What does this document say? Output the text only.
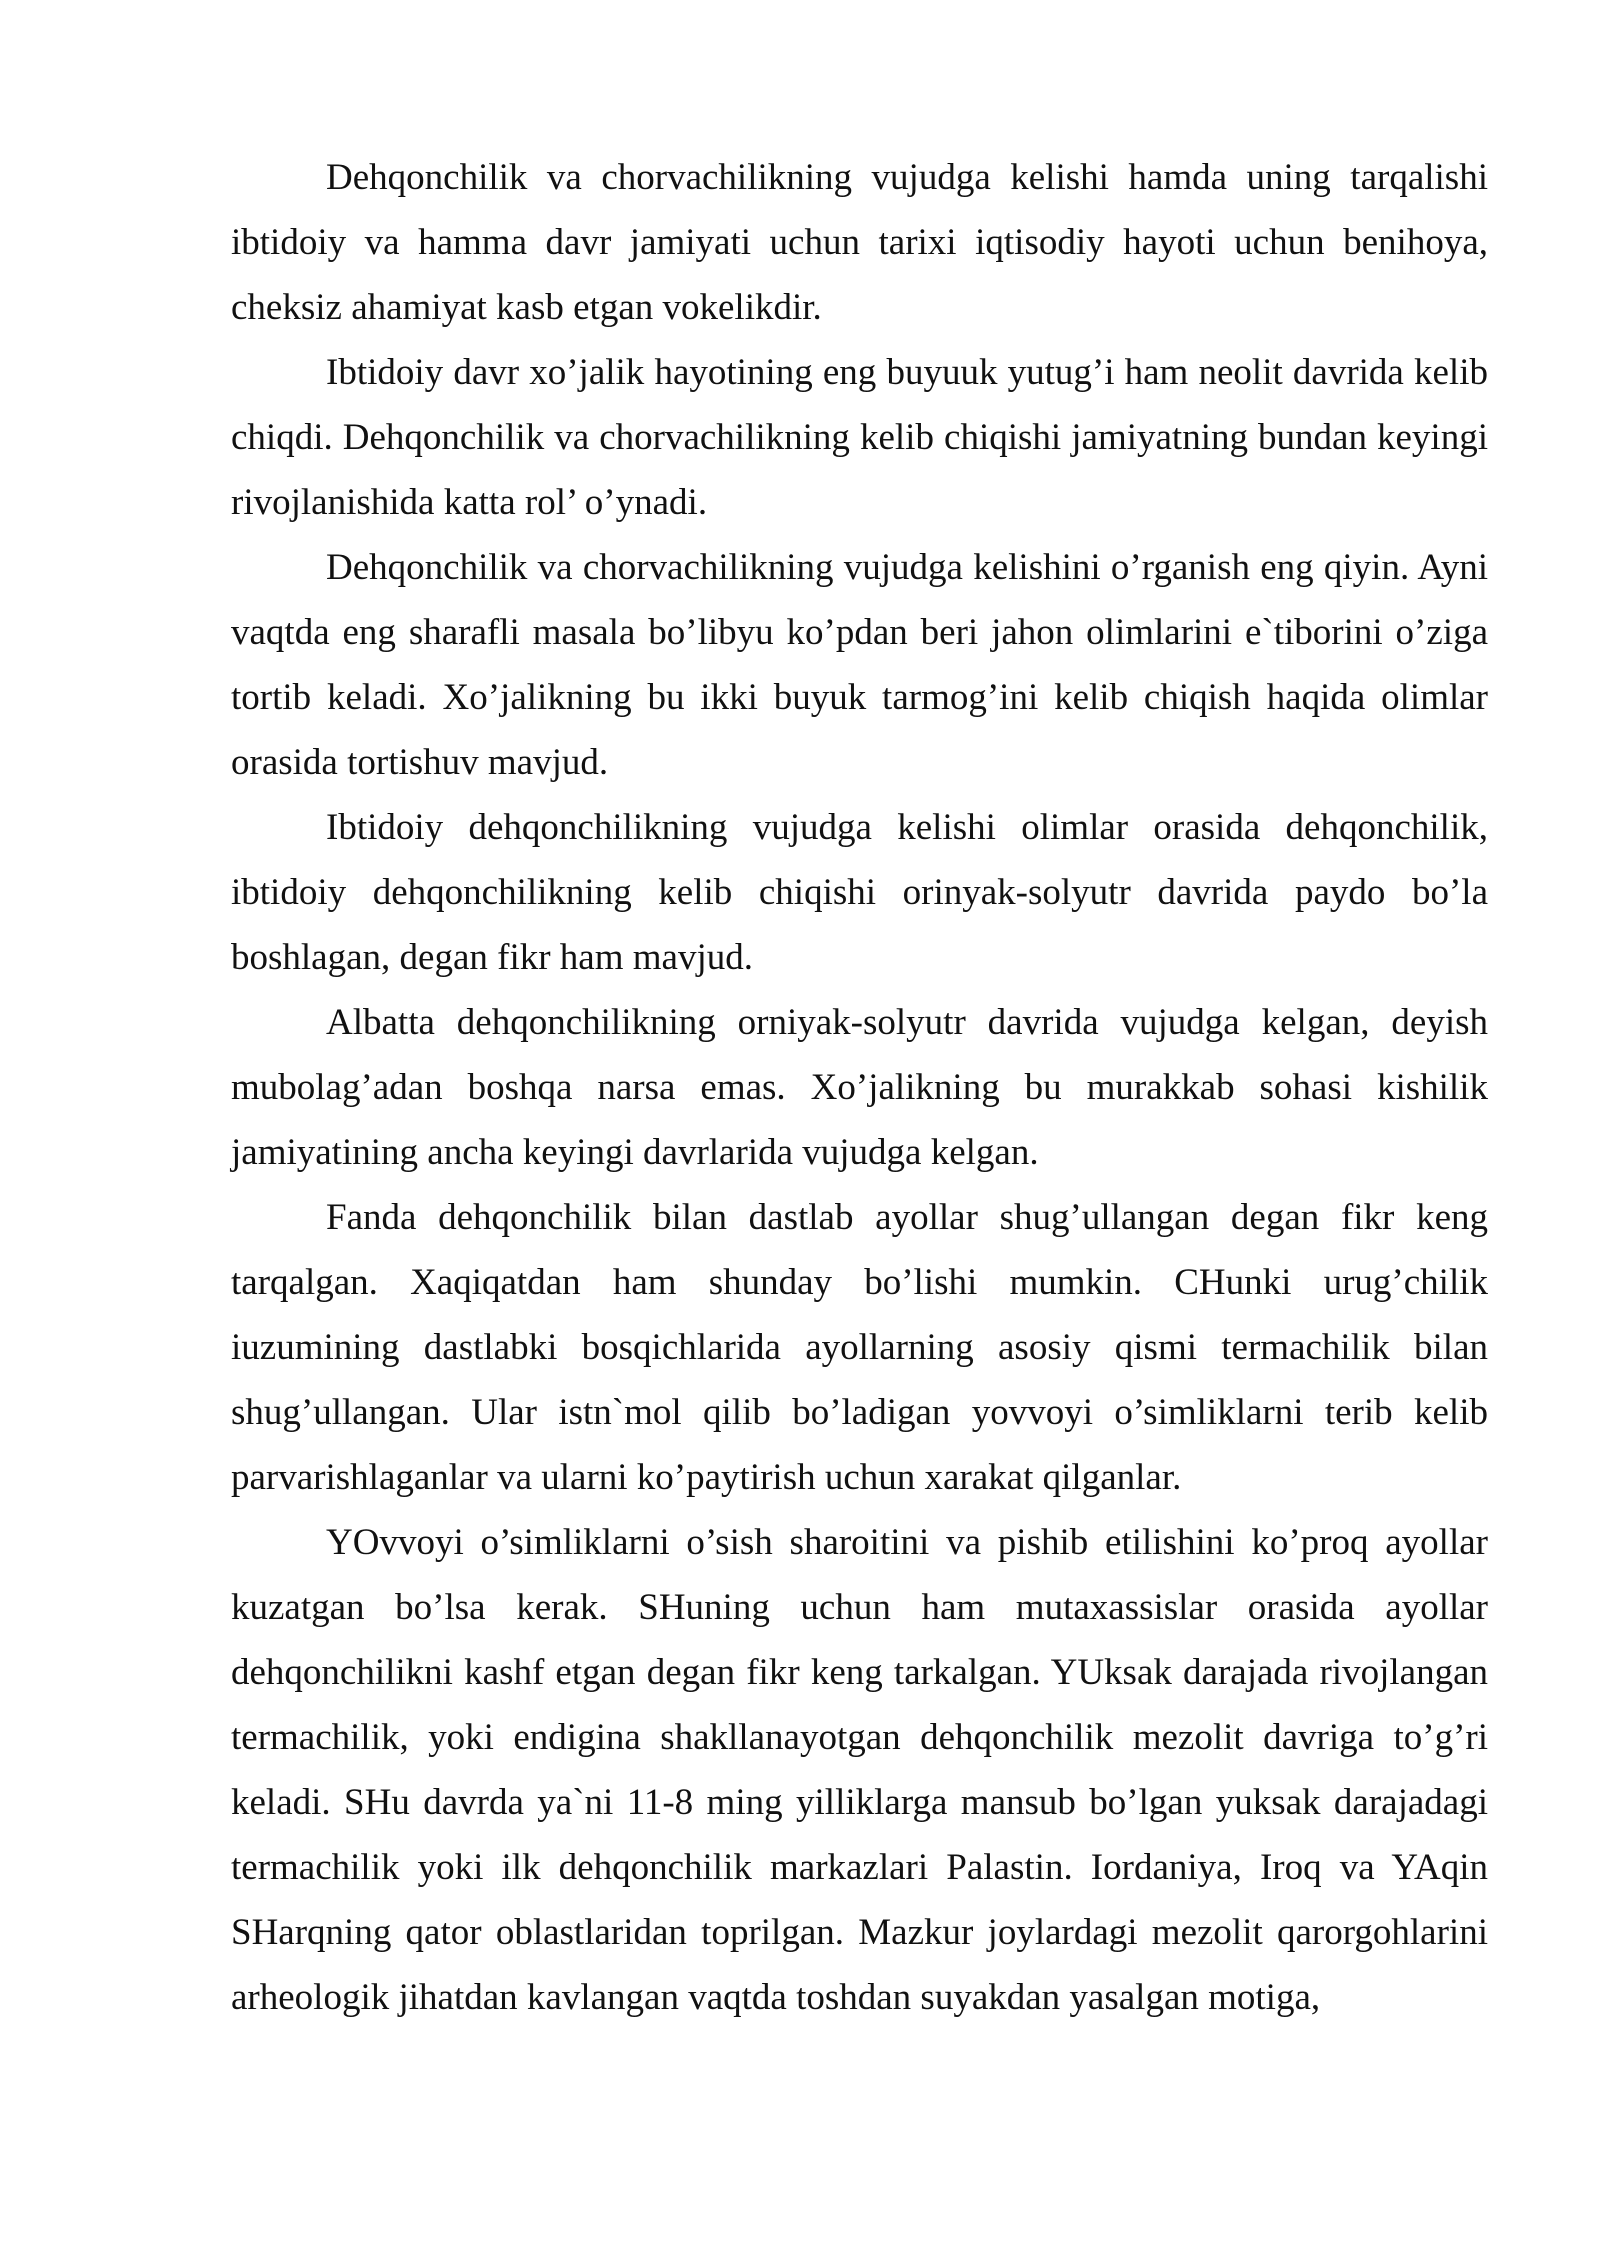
Dehqonchilik va chorvachilikning vujudga kelishi hamda uning tarqalishi ibtidoiy va hamma davr jamiyati uchun tarixi iqtisodiy hayoti uchun benihoya, cheksiz ahamiyat kasb etgan vokelikdir.

Ibtidoiy davr xo’jalik hayotining eng buyuuk yutug’i ham neolit davrida kelib chiqdi. Dehqonchilik va chorvachilikning kelib chiqishi jamiyatning bundan keyingi rivojlanishida katta rol’ o’ynadi.

Dehqonchilik va chorvachilikning vujudga kelishini o’rganish eng qiyin. Ayni vaqtda eng sharafli masala bo’libyu ko’pdan beri jahon olimlarini e`tiborini o’ziga tortib keladi. Xo’jalikning bu ikki buyuk tarmog’ini kelib chiqish haqida olimlar orasida tortishuv mavjud.

Ibtidoiy dehqonchilikning vujudga kelishi olimlar orasida dehqonchilik, ibtidoiy dehqonchilikning kelib chiqishi orinyak-solyutr davrida paydo bo’la boshlagan, degan fikr ham mavjud.

Albatta dehqonchilikning orniyak-solyutr davrida vujudga kelgan, deyish mubolag’adan boshqa narsa emas. Xo’jalikning bu murakkab sohasi kishilik jamiyatining ancha keyingi davrlarida vujudga kelgan.

Fanda dehqonchilik bilan dastlab ayollar shug’ullangan degan fikr keng tarqalgan. Xaqiqatdan ham shunday bo’lishi mumkin. CHunki urug’chilik iuzumining dastlabki bosqichlarida ayollarning asosiy qismi termachilik bilan shug’ullangan. Ular istn`mol qilib bo’ladigan yovvoyi o’simliklarni terib kelib parvarishlaganlar va ularni ko’paytirish uchun xarakat qilganlar.

YOvvoyi o’simliklarni o’sish sharoitini va pishib etilishini ko’proq ayollar kuzatgan bo’lsa kerak. SHuning uchun ham mutaxassislar orasida ayollar dehqonchilikni kashf etgan degan fikr keng tarkalgan. YUksak darajada rivojlangan termachilik, yoki endigina shakllanayotgan dehqonchilik mezolit davriga to’g’ri keladi. SHu davrda ya`ni 11-8 ming yilliklarga mansub bo’lgan yuksak darajadagi termachilik yoki ilk dehqonchilik markazlari Palastin. Iordaniya, Iroq va YAqin SHarqning qator oblastlaridan toprilgan. Mazkur joylardagi mezolit qarorgohlarini arheologik jihatdan kavlangan vaqtda toshdan suyakdan yasalgan motiga,
